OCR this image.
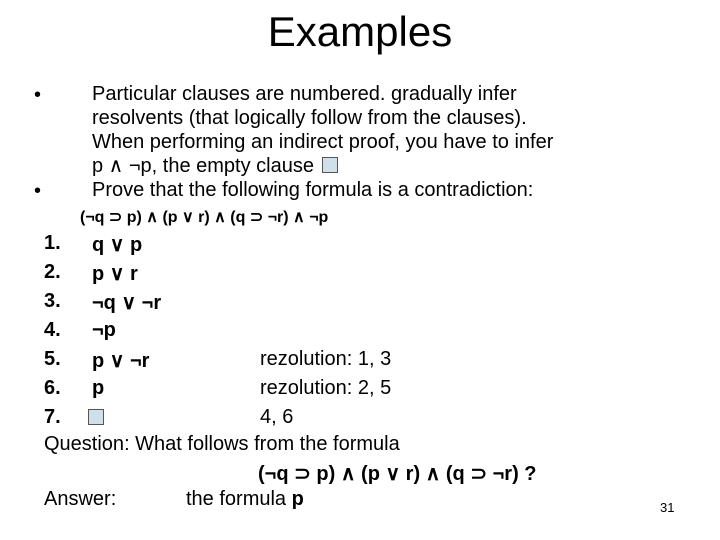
Examples
•	Particular clauses are numbered. gradually infer
resolvents (that logically follow from the clauses).
When performing an indirect proof, you have to infer
p ∧ ¬p, the empty clause
•	Prove that the following formula is a contradiction:
(¬q ⊃ p) ∧ (p ∨ r) ∧ (q ⊃ ¬r) ∧ ¬p
1. q ∨ p
2. p ∨ r
3. ¬q ∨ ¬r
4. ¬p
5. p ∨ ¬r	rezolution: 1, 3
6. p	rezolution: 2, 5
7.	4, 6
Question: What follows from the formula
(¬q ⊃ p) ∧ (p ∨ r) ∧ (q ⊃ ¬r) ?
Answer:	the formula p	31
